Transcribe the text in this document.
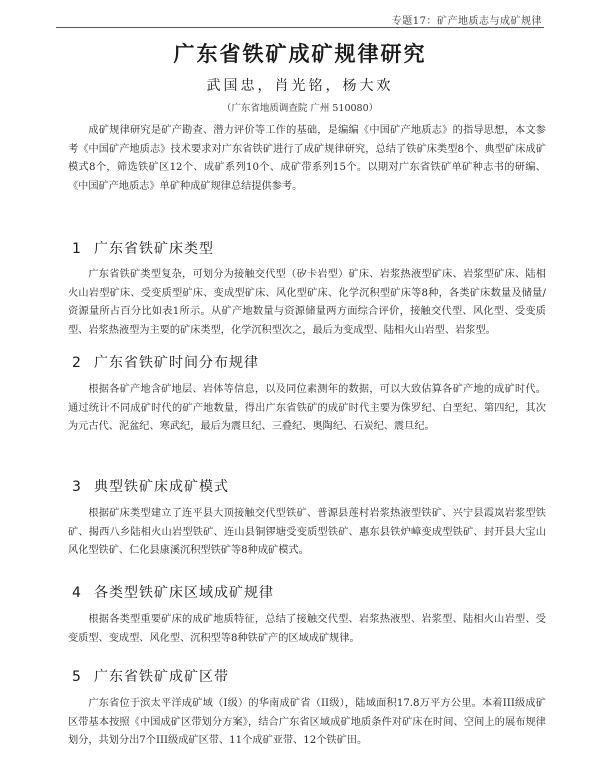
专题17：矿产地质志与成矿规律
广东省铁矿成矿规律研究
武国忠，肖光铭，杨大欢
（广东省地质调查院 广州 510080）

成矿规律研究是矿产勘查、潜力评价等工作的基础，是编编《中国矿产地质志》的指导思想，本文参考《中国矿产地质志》技术要求对广东省铁矿进行了成矿规律研究，总结了铁矿床类型8个、典型矿床成矿模式8个，筛选铁矿区12个、成矿系列10个、成矿带系列15个。以期对广东省铁矿单矿种志书的研编、《中国矿产地质志》单矿种成矿规律总结提供参考。

1 广东省铁矿床类型

广东省铁矿类型复杂，可划分为接触交代型（矽卡岩型）矿床、岩浆热液型矿床、岩浆型矿床、陆相火山岩型矿床、受变质型矿床、变成型矿床、风化型矿床、化学沉积型矿床等8种，各类矿床数量及储量/资源量所占百分比如表1所示。从矿产地数量与资源储量两方面综合评价，接触交代型、风化型、受变质型、岩浆热液型为主要的矿床类型，化学沉积型次之，最后为变成型、陆相火山岩型、岩浆型。

2 广东省铁矿时间分布规律

根据各矿产地含矿地层、岩体等信息，以及同位素测年的数据，可以大致估算各矿产地的成矿时代。通过统计不同成矿时代的矿产地数量，得出广东省铁矿的成矿时代主要为侏罗纪、白垩纪、第四纪，其次为元古代、泥盆纪、寒武纪，最后为震旦纪、三叠纪、奥陶纪、石炭纪、震旦纪。

3 典型铁矿床成矿模式

根据矿床类型建立了连平县大顶接触交代型铁矿、普源县莲村岩浆热液型铁矿、兴宁县霞岚岩浆型铁矿、揭西八乡陆相火山岩型铁矿、连山县铜锣塘受变质型铁矿、惠东县铁炉嶂变成型铁矿、封开县大宝山风化型铁矿、仁化县康溪沉积型铁矿等8种成矿模式。

4 各类型铁矿床区域成矿规律

根据各类型重要矿床的成矿地质特征，总结了接触交代型、岩浆热液型、岩浆型、陆相火山岩型、受变质型、变成型、风化型、沉积型等8种铁矿产的区域成矿规律。

5 广东省铁矿成矿区带

广东省位于滨太平洋成矿域（I级）的华南成矿省（II级），陆域面积17.8万平方公里。本着III级成矿区带基本按照《中国成矿区带划分方案》，结合广东省区域成矿地质条件对矿床在时间、空间上的展布规律划分，共划分出7个III级成矿区带、11个成矿亚带、12个铁矿田。
